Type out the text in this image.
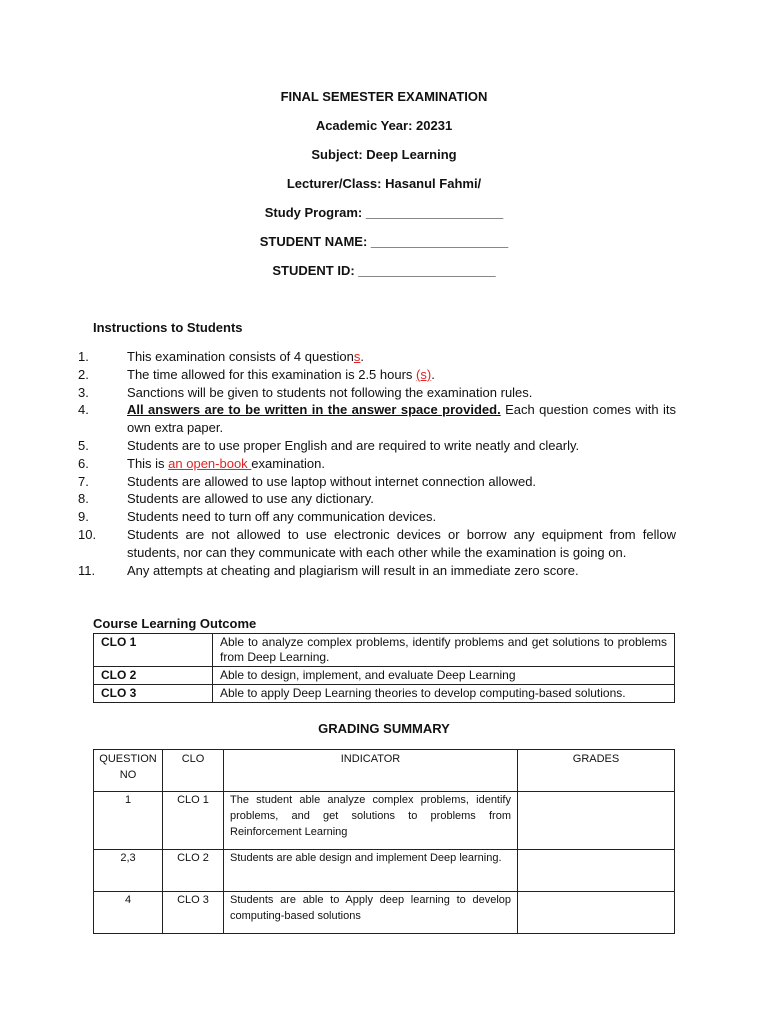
FINAL SEMESTER EXAMINATION
Academic Year: 20231
Subject: Deep Learning
Lecturer/Class: Hasanul Fahmi/
Study Program: ___________________
STUDENT NAME: ___________________
STUDENT ID: ___________________
Instructions to Students
1.	This examination consists of 4 questions.
2.	The time allowed for this examination is 2.5 hours (s).
3.	Sanctions will be given to students not following the examination rules.
4.	All answers are to be written in the answer space provided. Each question comes with its own extra paper.
5.	Students are to use proper English and are required to write neatly and clearly.
6.	This is an open-book examination.
7.	Students are allowed to use laptop without internet connection allowed.
8.	Students are allowed to use any dictionary.
9.	Students need to turn off any communication devices.
10. Students are not allowed to use electronic devices or borrow any equipment from fellow students, nor can they communicate with each other while the examination is going on.
11. Any attempts at cheating and plagiarism will result in an immediate zero score.
Course Learning Outcome
CLO 1	Able to analyze complex problems, identify problems and get solutions to problems from Deep Learning.
CLO 2	Able to design, implement, and evaluate Deep Learning
CLO 3	Able to apply Deep Learning theories to develop computing-based solutions.
GRADING SUMMARY
QUESTION NO	CLO	INDICATOR	GRADES
1	CLO 1	The student able analyze complex problems, identify problems, and get solutions to problems from Reinforcement Learning	
2,3	CLO 2	Students are able design and implement Deep learning.	
4	CLO 3	Students are able to Apply deep learning to develop computing-based solutions	
